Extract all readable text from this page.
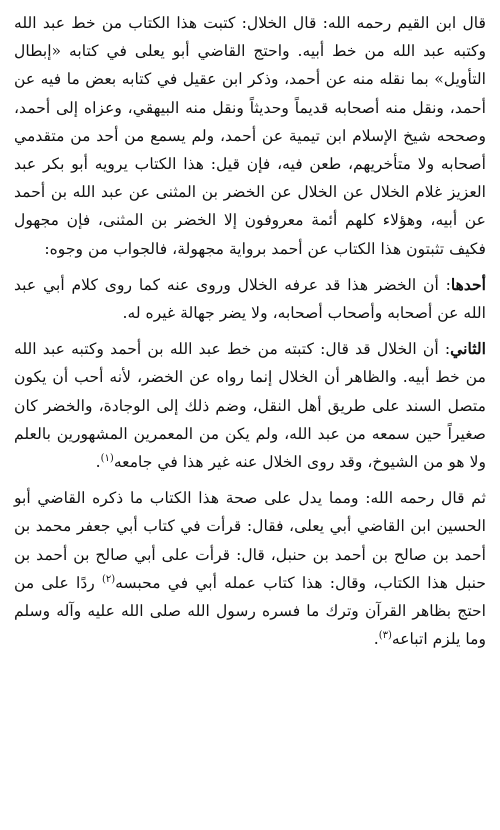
قال ابن القيم رحمه الله: قال الخلال: كتبت هذا الكتاب من خط عبد الله وكتبه عبد الله من خط أبيه. واحتج القاضي أبو يعلى في كتابه «إبطال التأويل» بما نقله منه عن أحمد، وذكر ابن عقيل في كتابه بعض ما فيه عن أحمد، ونقل منه أصحابه قديماً وحديثاً ونقل منه البيهقي، وعزاه إلى أحمد، وصححه شيخ الإسلام ابن تيمية عن أحمد، ولم يسمع من أحد من متقدمي أصحابه ولا متأخريهم، طعن فيه، فإن قيل: هذا الكتاب يرويه أبو بكر عبد العزيز غلام الخلال عن الخلال عن الخضر بن المثنى عن عبد الله بن أحمد عن أبيه، وهؤلاء كلهم أئمة معروفون إلا الخضر بن المثنى، فإن مجهول فكيف تثبتون هذا الكتاب عن أحمد برواية مجهولة، فالجواب من وجوه:

أحدها: أن الخضر هذا قد عرفه الخلال وروى عنه كما روى كلام أبي عبد الله عن أصحابه وأصحاب أصحابه، ولا يضر جهالة غيره له.

الثاني: أن الخلال قد قال: كتبته من خط عبد الله بن أحمد وكتبه عبد الله من خط أبيه. والظاهر أن الخلال إنما رواه عن الخضر، لأنه أحب أن يكون متصل السند على طريق أهل النقل، وضم ذلك إلى الوجادة، والخضر كان صغيراً حين سمعه من عبد الله، ولم يكن من المعمرين المشهورين بالعلم ولا هو من الشيوخ، وقد روى الخلال عنه غير هذا في جامعه$^{(١)}$.

ثم قال رحمه الله: ومما يدل على صحة هذا الكتاب ما ذكره القاضي أبو الحسين ابن القاضي أبي يعلى، فقال: قرأت في كتاب أبي جعفر محمد بن أحمد بن صالح بن أحمد بن حنبل، قال: قرأت على أبي صالح بن أحمد بن حنبل هذا الكتاب، وقال: هذا كتاب عمله أبي في محبسه$^{(٢)}$ ردًا على من احتج بظاهر القرآن وترك ما فسره رسول الله صلى الله عليه وآله وسلم وما يلزم اتباعه$^{(٣)}$.
